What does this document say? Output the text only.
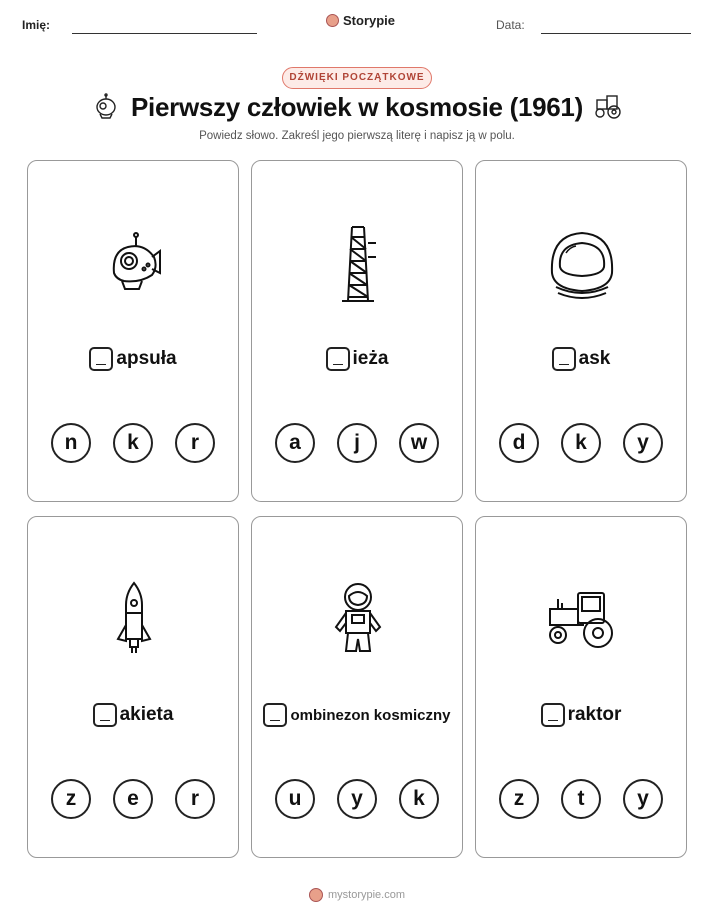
Imię:	Storypie	Data:
DŹWIĘKI POCZĄTKOWE
Pierwszy człowiek w kosmosie (1961)
Powiedz słowo. Zakreśl jego pierwszą literę i napisz ją w polu.
apsuła
n	k	r
ieża
a	j	w
ask
d	k	y
akieta
z	e	r
ombinezon kosmiczny
u	y	k
raktor
z	t	y
mystorypie.com
